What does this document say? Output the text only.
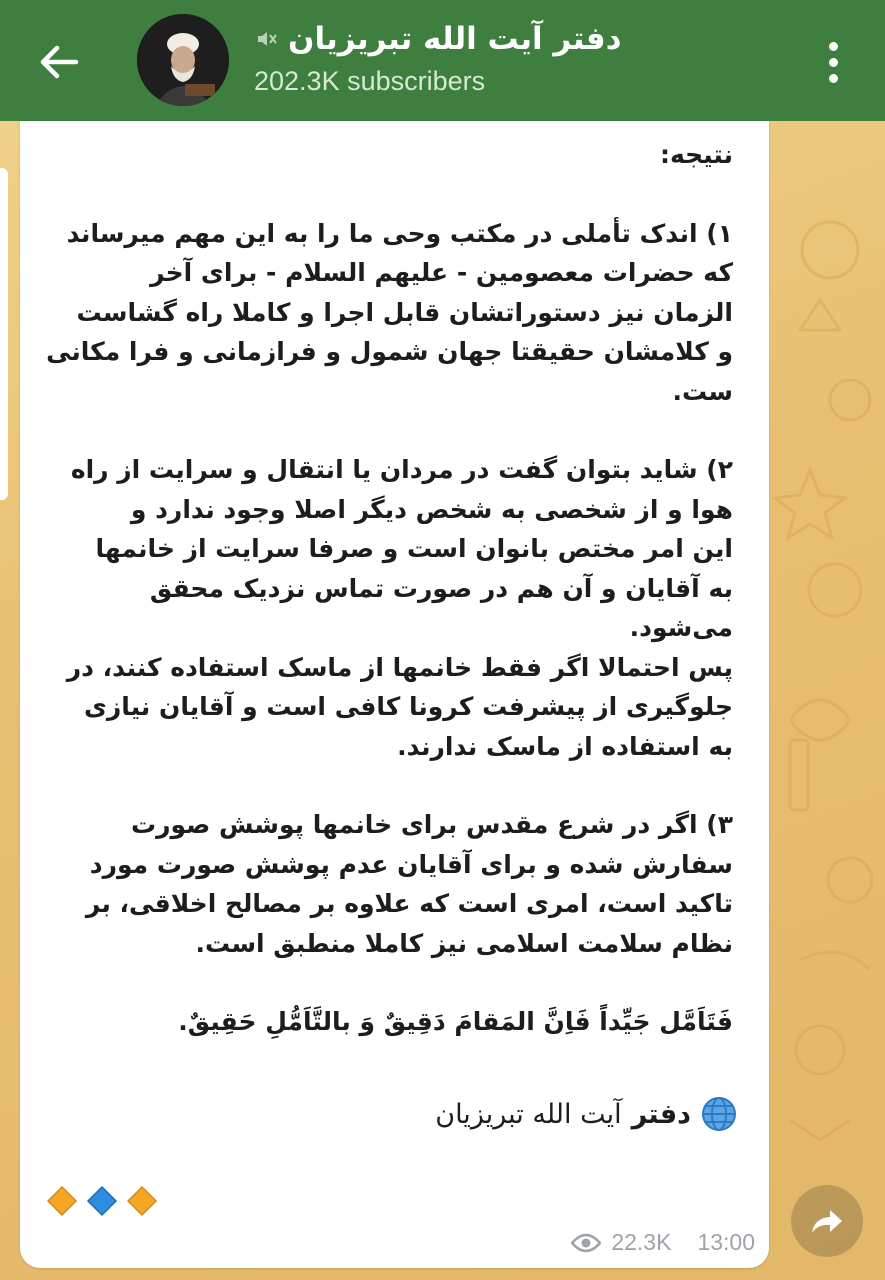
دفتر آیت الله تبریزیان
202.3K subscribers

نتیجه:

۱) اندک تأملی در مکتب وحی ما را به این مهم میرساند
که حضرات معصومین - علیهم السلام - برای آخر
الزمان نیز دستوراتشان قابل اجرا و کاملا راه گشاست
و کلامشان حقیقتا جهان شمول و فرازمانی و فرا مکانی
ست.

۲) شاید بتوان گفت در مردان یا انتقال و سرایت از راه
هوا و از شخصی به شخص دیگر اصلا وجود ندارد و
این امر مختص بانوان است و صرفا سرایت از خانمها
به آقایان و آن هم در صورت تماس نزدیک محقق
می‌شود.
پس احتمالا اگر فقط خانمها از ماسک استفاده کنند، در
جلوگیری از پیشرفت کرونا کافی است و آقایان نیازی
به استفاده از ماسک ندارند.

۳) اگر در شرع مقدس برای خانمها پوشش صورت
سفارش شده و برای آقایان عدم پوشش صورت مورد
تاکید است، امری است که علاوه بر مصالح اخلاقی، بر
نظام سلامت اسلامی نیز کاملا منطبق است.

فَتَاَمَّل جَیِّداً فَاِنَّ المَقامَ دَقِیقٌ وَ بالتَّاَمُّلِ حَقِیقٌ.

دفتر
آیت الله تبریزیان
22.3K 13:00
